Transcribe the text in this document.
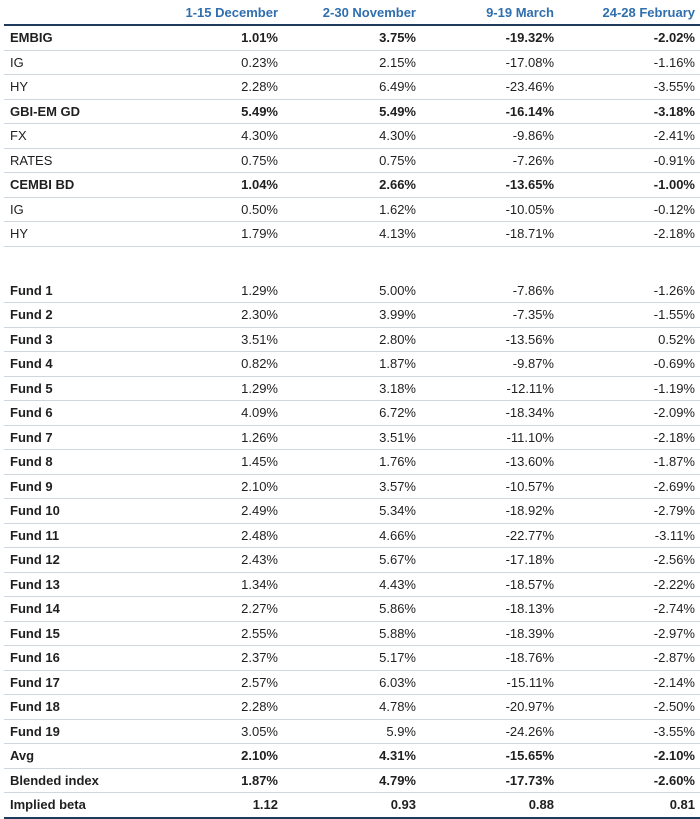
	1-15 December	2-30 November	9-19 March	24-28 February
EMBIG	1.01%	3.75%	-19.32%	-2.02%
IG	0.23%	2.15%	-17.08%	-1.16%
HY	2.28%	6.49%	-23.46%	-3.55%
GBI-EM GD	5.49%	5.49%	-16.14%	-3.18%
FX	4.30%	4.30%	-9.86%	-2.41%
RATES	0.75%	0.75%	-7.26%	-0.91%
CEMBI BD	1.04%	2.66%	-13.65%	-1.00%
IG	0.50%	1.62%	-10.05%	-0.12%
HY	1.79%	4.13%	-18.71%	-2.18%

Fund 1	1.29%	5.00%	-7.86%	-1.26%
Fund 2	2.30%	3.99%	-7.35%	-1.55%
Fund 3	3.51%	2.80%	-13.56%	0.52%
Fund 4	0.82%	1.87%	-9.87%	-0.69%
Fund 5	1.29%	3.18%	-12.11%	-1.19%
Fund 6	4.09%	6.72%	-18.34%	-2.09%
Fund 7	1.26%	3.51%	-11.10%	-2.18%
Fund 8	1.45%	1.76%	-13.60%	-1.87%
Fund 9	2.10%	3.57%	-10.57%	-2.69%
Fund 10	2.49%	5.34%	-18.92%	-2.79%
Fund 11	2.48%	4.66%	-22.77%	-3.11%
Fund 12	2.43%	5.67%	-17.18%	-2.56%
Fund 13	1.34%	4.43%	-18.57%	-2.22%
Fund 14	2.27%	5.86%	-18.13%	-2.74%
Fund 15	2.55%	5.88%	-18.39%	-2.97%
Fund 16	2.37%	5.17%	-18.76%	-2.87%
Fund 17	2.57%	6.03%	-15.11%	-2.14%
Fund 18	2.28%	4.78%	-20.97%	-2.50%
Fund 19	3.05%	5.9%	-24.26%	-3.55%
Avg	2.10%	4.31%	-15.65%	-2.10%
Blended index	1.87%	4.79%	-17.73%	-2.60%
Implied beta	1.12	0.93	0.88	0.81
